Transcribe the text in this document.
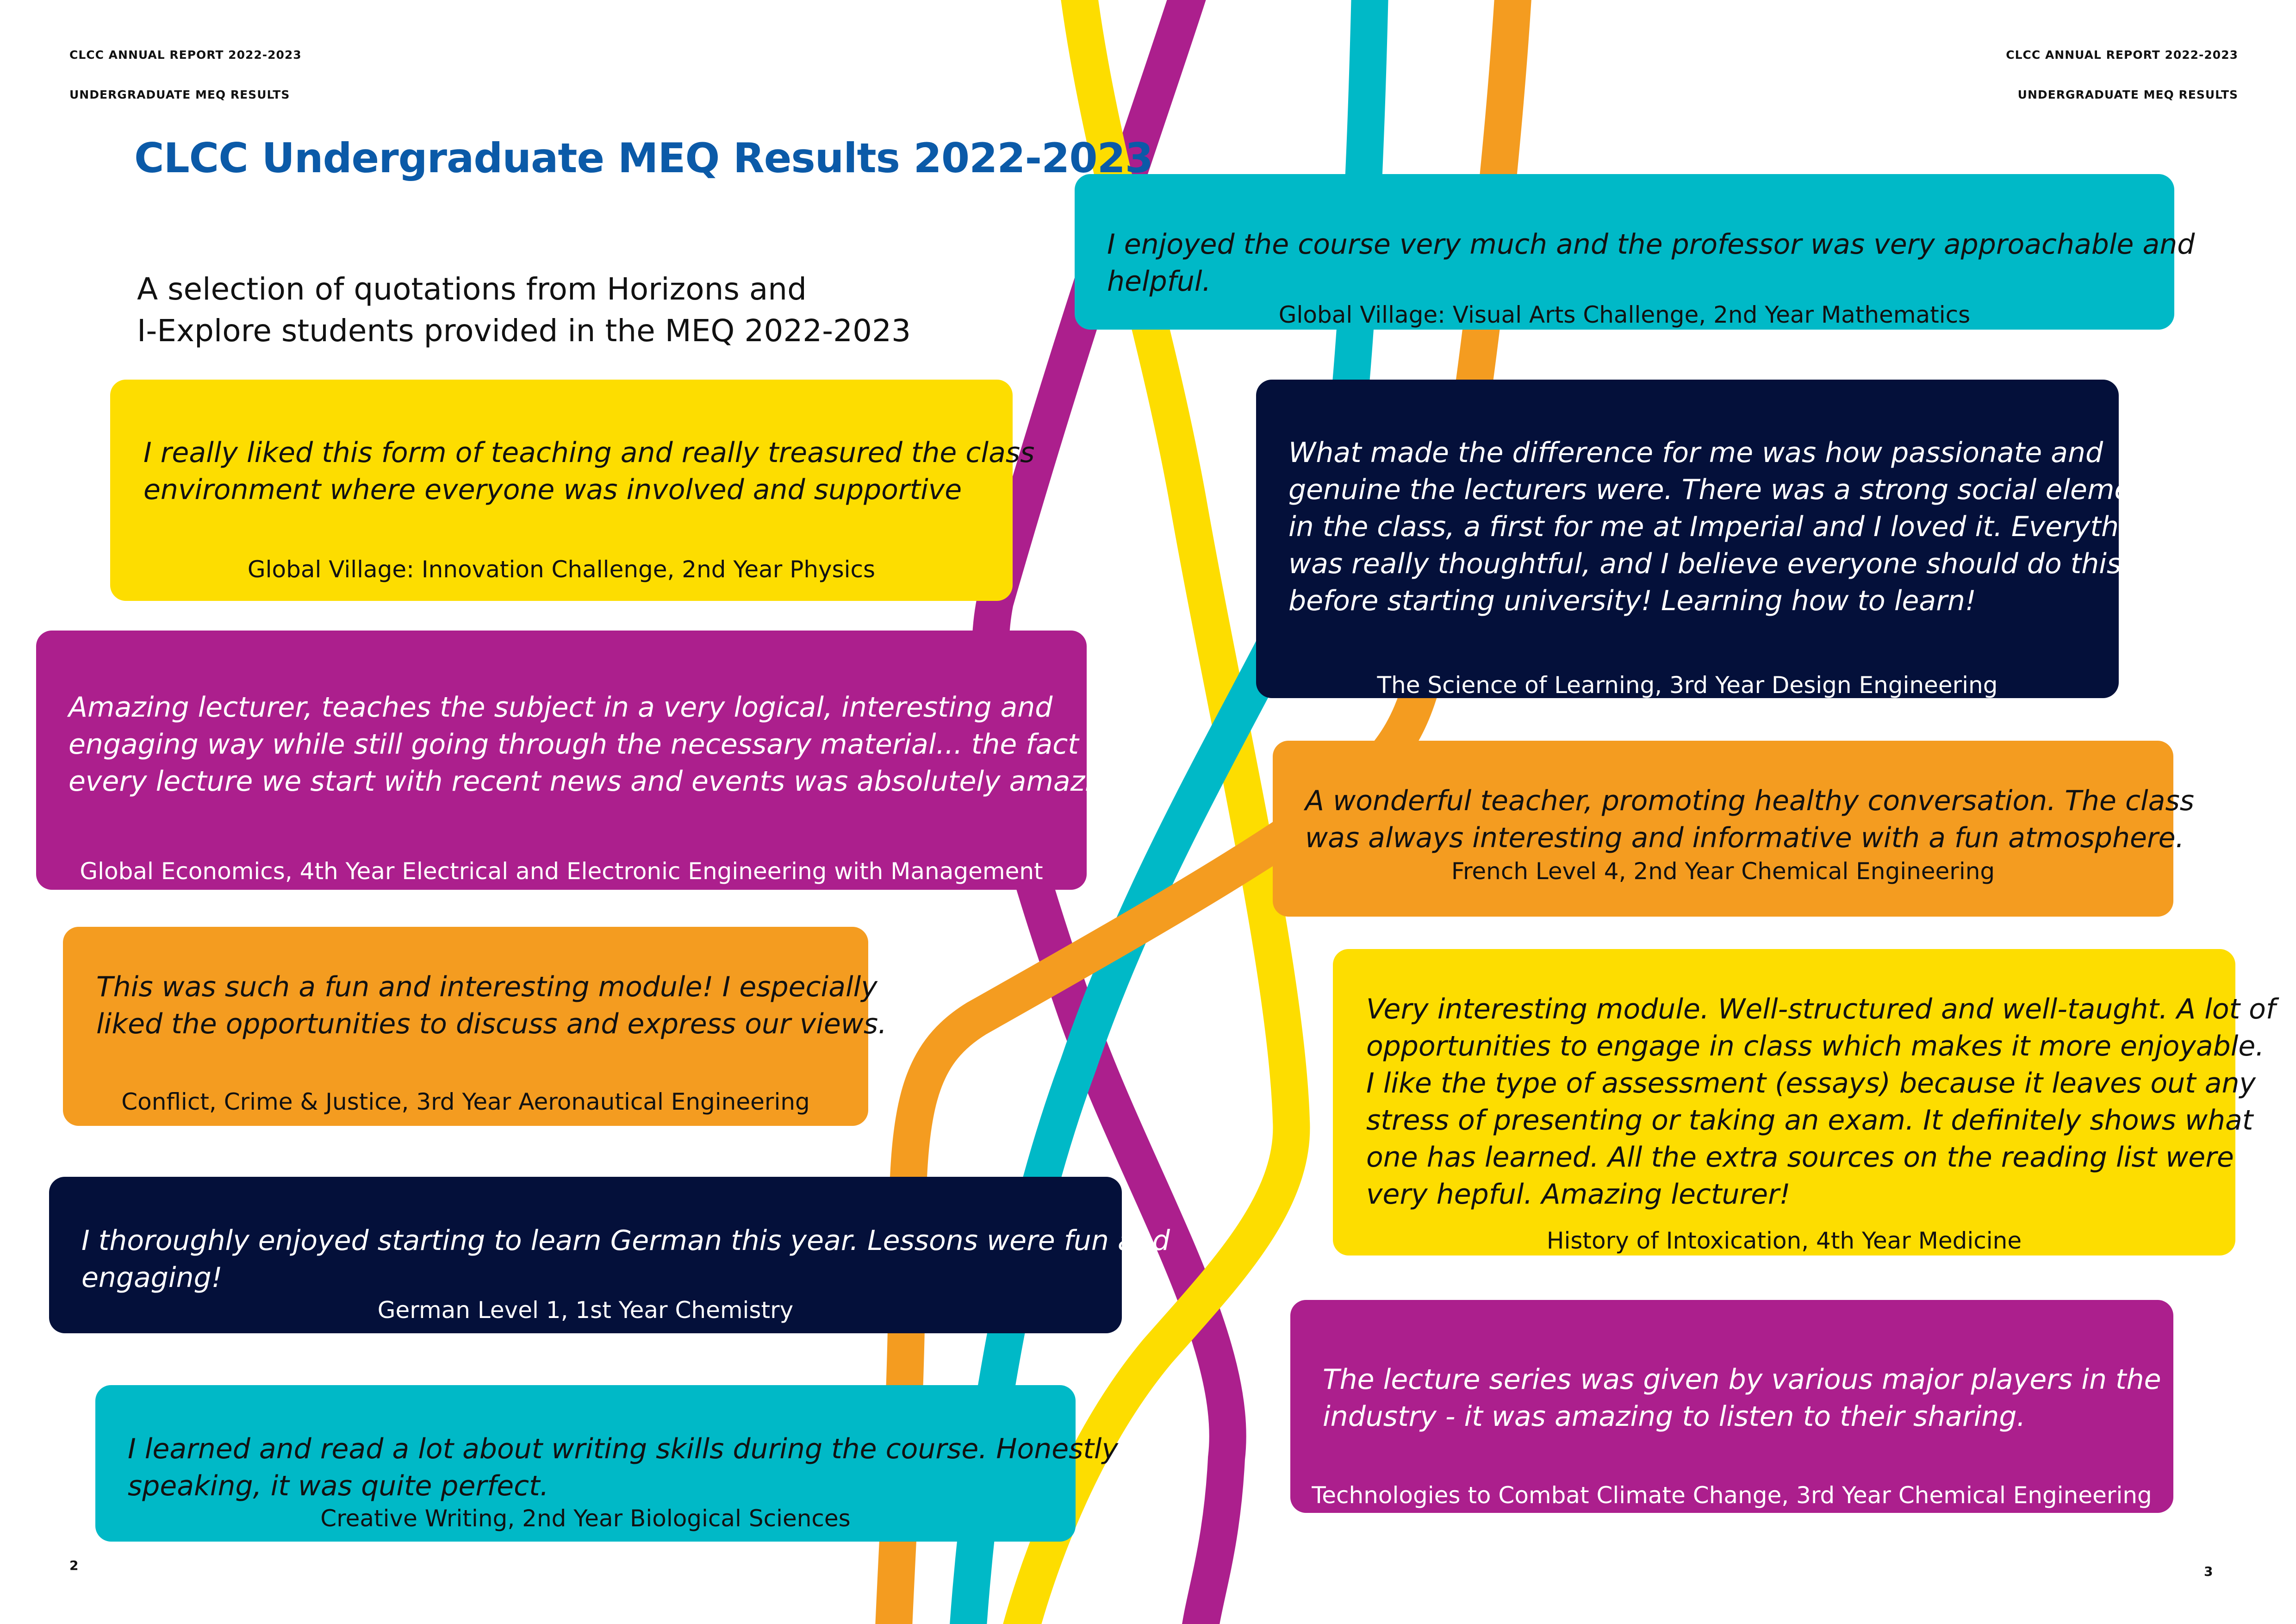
CLCC ANNUAL REPORT 2022-2023
UNDERGRADUATE MEQ RESULTS
CLCC ANNUAL REPORT 2022-2023
UNDERGRADUATE MEQ RESULTS
CLCC Undergraduate MEQ Results 2022-2023
A selection of quotations from Horizons and
I-Explore students provided in the MEQ 2022-2023
I really liked this form of teaching and really treasured the class
environment where everyone was involved and supportive
Global Village: Innovation Challenge, 2nd Year Physics
Amazing lecturer, teaches the subject in a very logical, interesting and
engaging way while still going through the necessary material... the fact that
every lecture we start with recent news and events was absolutely amazing.
Global Economics, 4th Year Electrical and Electronic Engineering with Management
This was such a fun and interesting module! I especially
liked the opportunities to discuss and express our views.
Conflict, Crime & Justice, 3rd Year Aeronautical Engineering
I thoroughly enjoyed starting to learn German this year. Lessons were fun and
engaging!
German Level 1, 1st Year Chemistry
I learned and read a lot about writing skills during the course. Honestly
speaking, it was quite perfect.
Creative Writing, 2nd Year Biological Sciences
I enjoyed the course very much and the professor was very approachable and
helpful.
Global Village: Visual Arts Challenge, 2nd Year Mathematics
What made the difference for me was how passionate and
genuine the lecturers were. There was a strong social element
in the class, a first for me at Imperial and I loved it. Everything
was really thoughtful, and I believe everyone should do this
before starting university! Learning how to learn!
The Science of Learning, 3rd Year Design Engineering
A wonderful teacher, promoting healthy conversation. The class
was always interesting and informative with a fun atmosphere.
French Level 4, 2nd Year Chemical Engineering
Very interesting module. Well-structured and well-taught. A lot of
opportunities to engage in class which makes it more enjoyable.
I like the type of assessment (essays) because it leaves out any
stress of presenting or taking an exam. It definitely shows what
one has learned. All the extra sources on the reading list were
very hepful. Amazing lecturer!
History of Intoxication, 4th Year Medicine
The lecture series was given by various major players in the
industry - it was amazing to listen to their sharing.
Technologies to Combat Climate Change, 3rd Year Chemical Engineering
2	3
